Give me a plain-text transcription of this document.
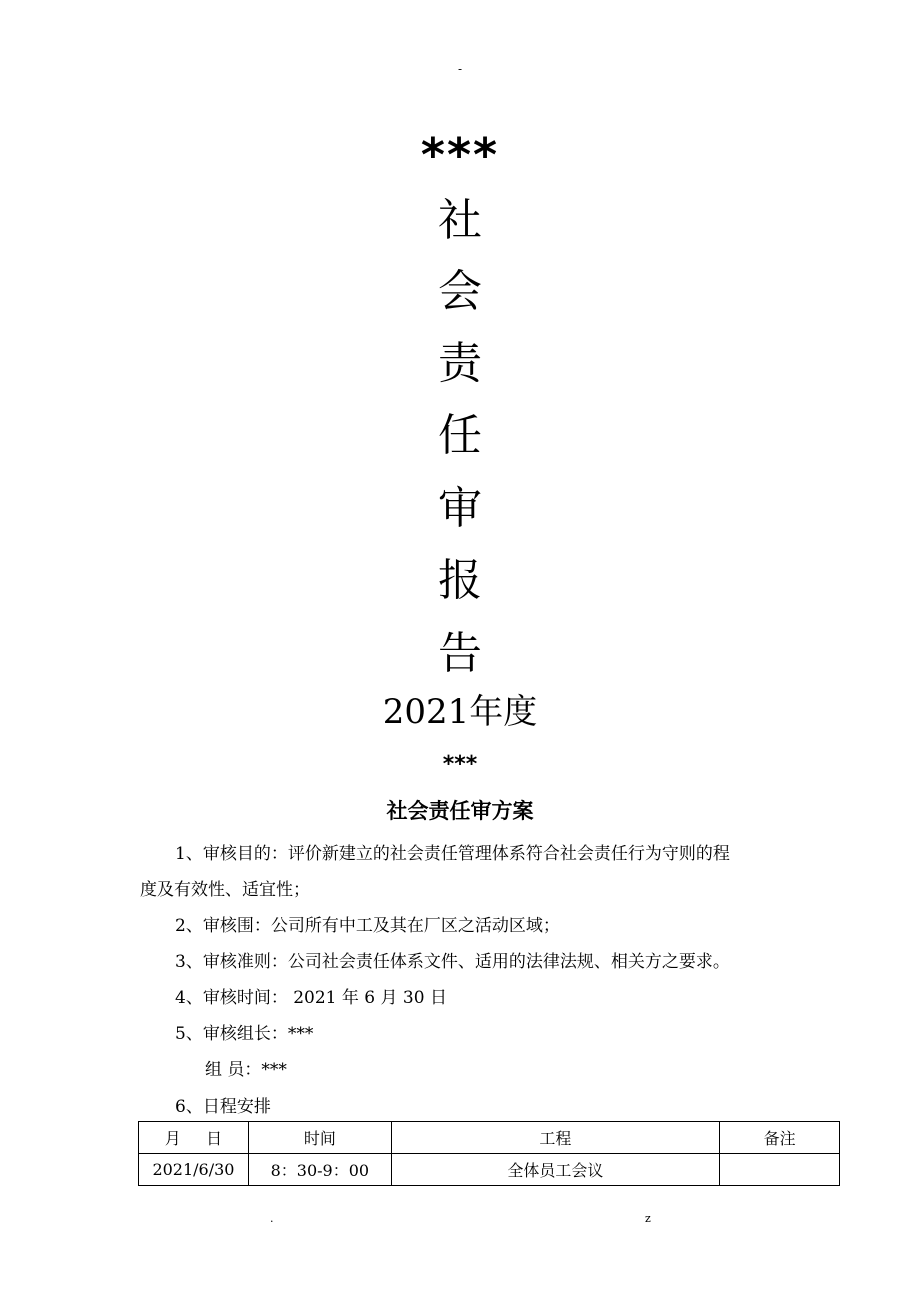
-
***
社
会
责
任
审
报
告
2021年度
***
社会责任审方案
1、审核目的：评价新建立的社会责任管理体系符合社会责任行为守则的程
度及有效性、适宜性；
2、审核围：公司所有中工及其在厂区之活动区域；
3、审核准则：公司社会责任体系文件、适用的法律法规、相关方之要求。
4、审核时间： 2021 年 6 月 30 日
5、审核组长：***
组 员：***
6、日程安排
月     日	时间	工程	备注
2021/6/30	8：30-9：00	全体员工会议	
.	z
